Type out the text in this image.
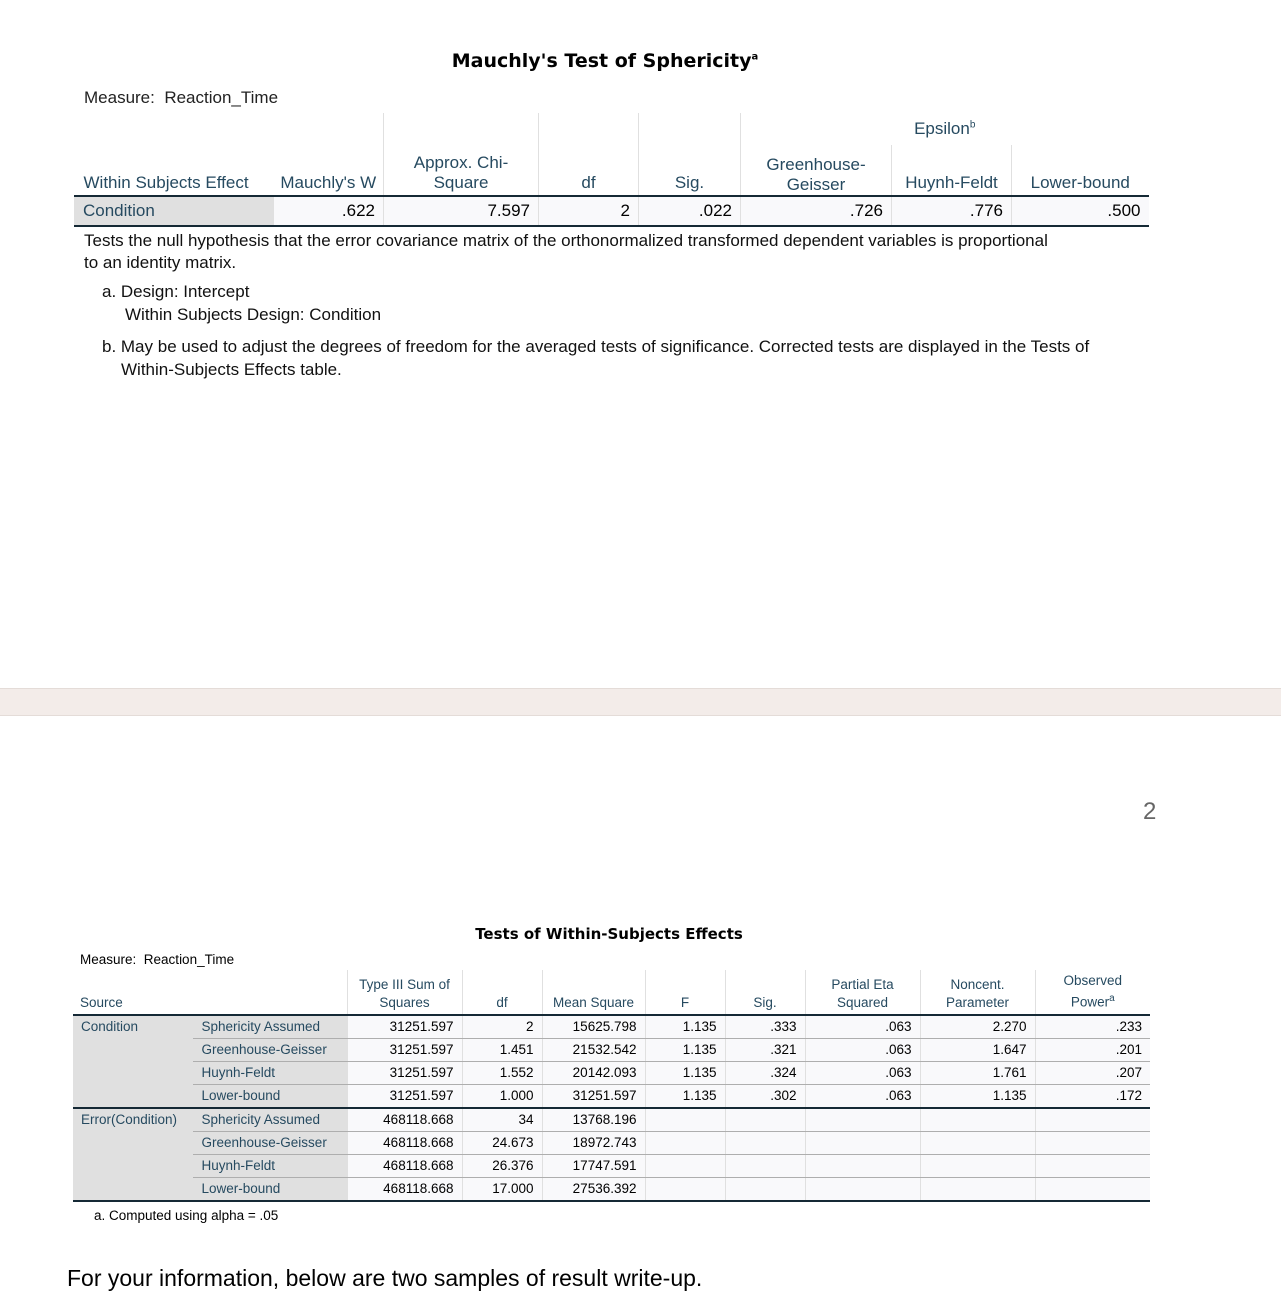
Mauchly's Test of Sphericity$^a$
Measure: Reaction_Time
					Epsilon$^b$
Within Subjects Effect	Mauchly's W	Approx. Chi-Square	df	Sig.	Greenhouse-Geisser	Huynh-Feldt	Lower-bound
Condition	.622	7.597	2	.022	.726	.776	.500
Tests the null hypothesis that the error covariance matrix of the orthonormalized transformed dependent variables is proportional to an identity matrix.
a. Design: Intercept
Within Subjects Design: Condition
b. May be used to adjust the degrees of freedom for the averaged tests of significance. Corrected tests are displayed in the Tests of Within-Subjects Effects table.
2
Tests of Within-Subjects Effects
Measure: Reaction_Time
Source		Type III Sum of Squares	df	Mean Square	F	Sig.	Partial Eta Squared	Noncent. Parameter	Observed Power$^a$
Condition	Sphericity Assumed	31251.597	2	15625.798	1.135	.333	.063	2.270	.233
	Greenhouse-Geisser	31251.597	1.451	21532.542	1.135	.321	.063	1.647	.201
	Huynh-Feldt	31251.597	1.552	20142.093	1.135	.324	.063	1.761	.207
	Lower-bound	31251.597	1.000	31251.597	1.135	.302	.063	1.135	.172
Error(Condition)	Sphericity Assumed	468118.668	34	13768.196					
	Greenhouse-Geisser	468118.668	24.673	18972.743					
	Huynh-Feldt	468118.668	26.376	17747.591					
	Lower-bound	468118.668	17.000	27536.392					
a. Computed using alpha = .05
For your information, below are two samples of result write-up.
